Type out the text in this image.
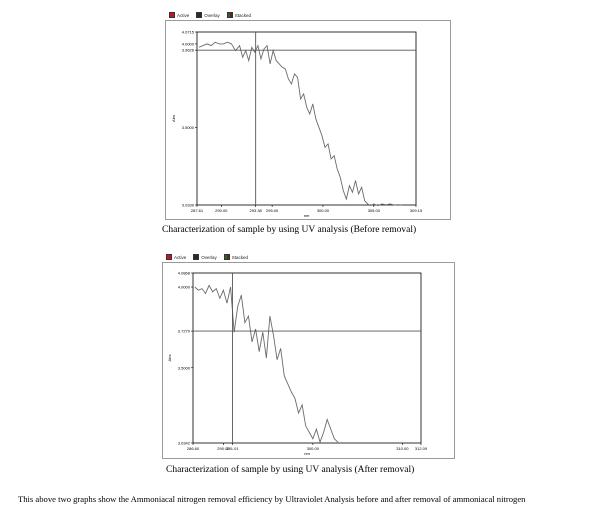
Active	Overlay	Stacked
4.0715
4.0000
3.9626
3.5000
3.0339
287.61	290.00	293.38 295.00	300.00	305.00	309.15
nm
Abs
Characterization of sample by using UV analysis (Before removal)
Active	Overlay	Stacked
4.0868
4.0000
3.7270
3.5000
3.0342
286.60	290.00
291.01	300.00	310.00 312.09
nm
Abs
Characterization of sample by using UV analysis (After removal)
This above two graphs show the Ammoniacal nitrogen removal efficiency by Ultraviolet Analysis before and after removal of ammoniacal nitrogen
